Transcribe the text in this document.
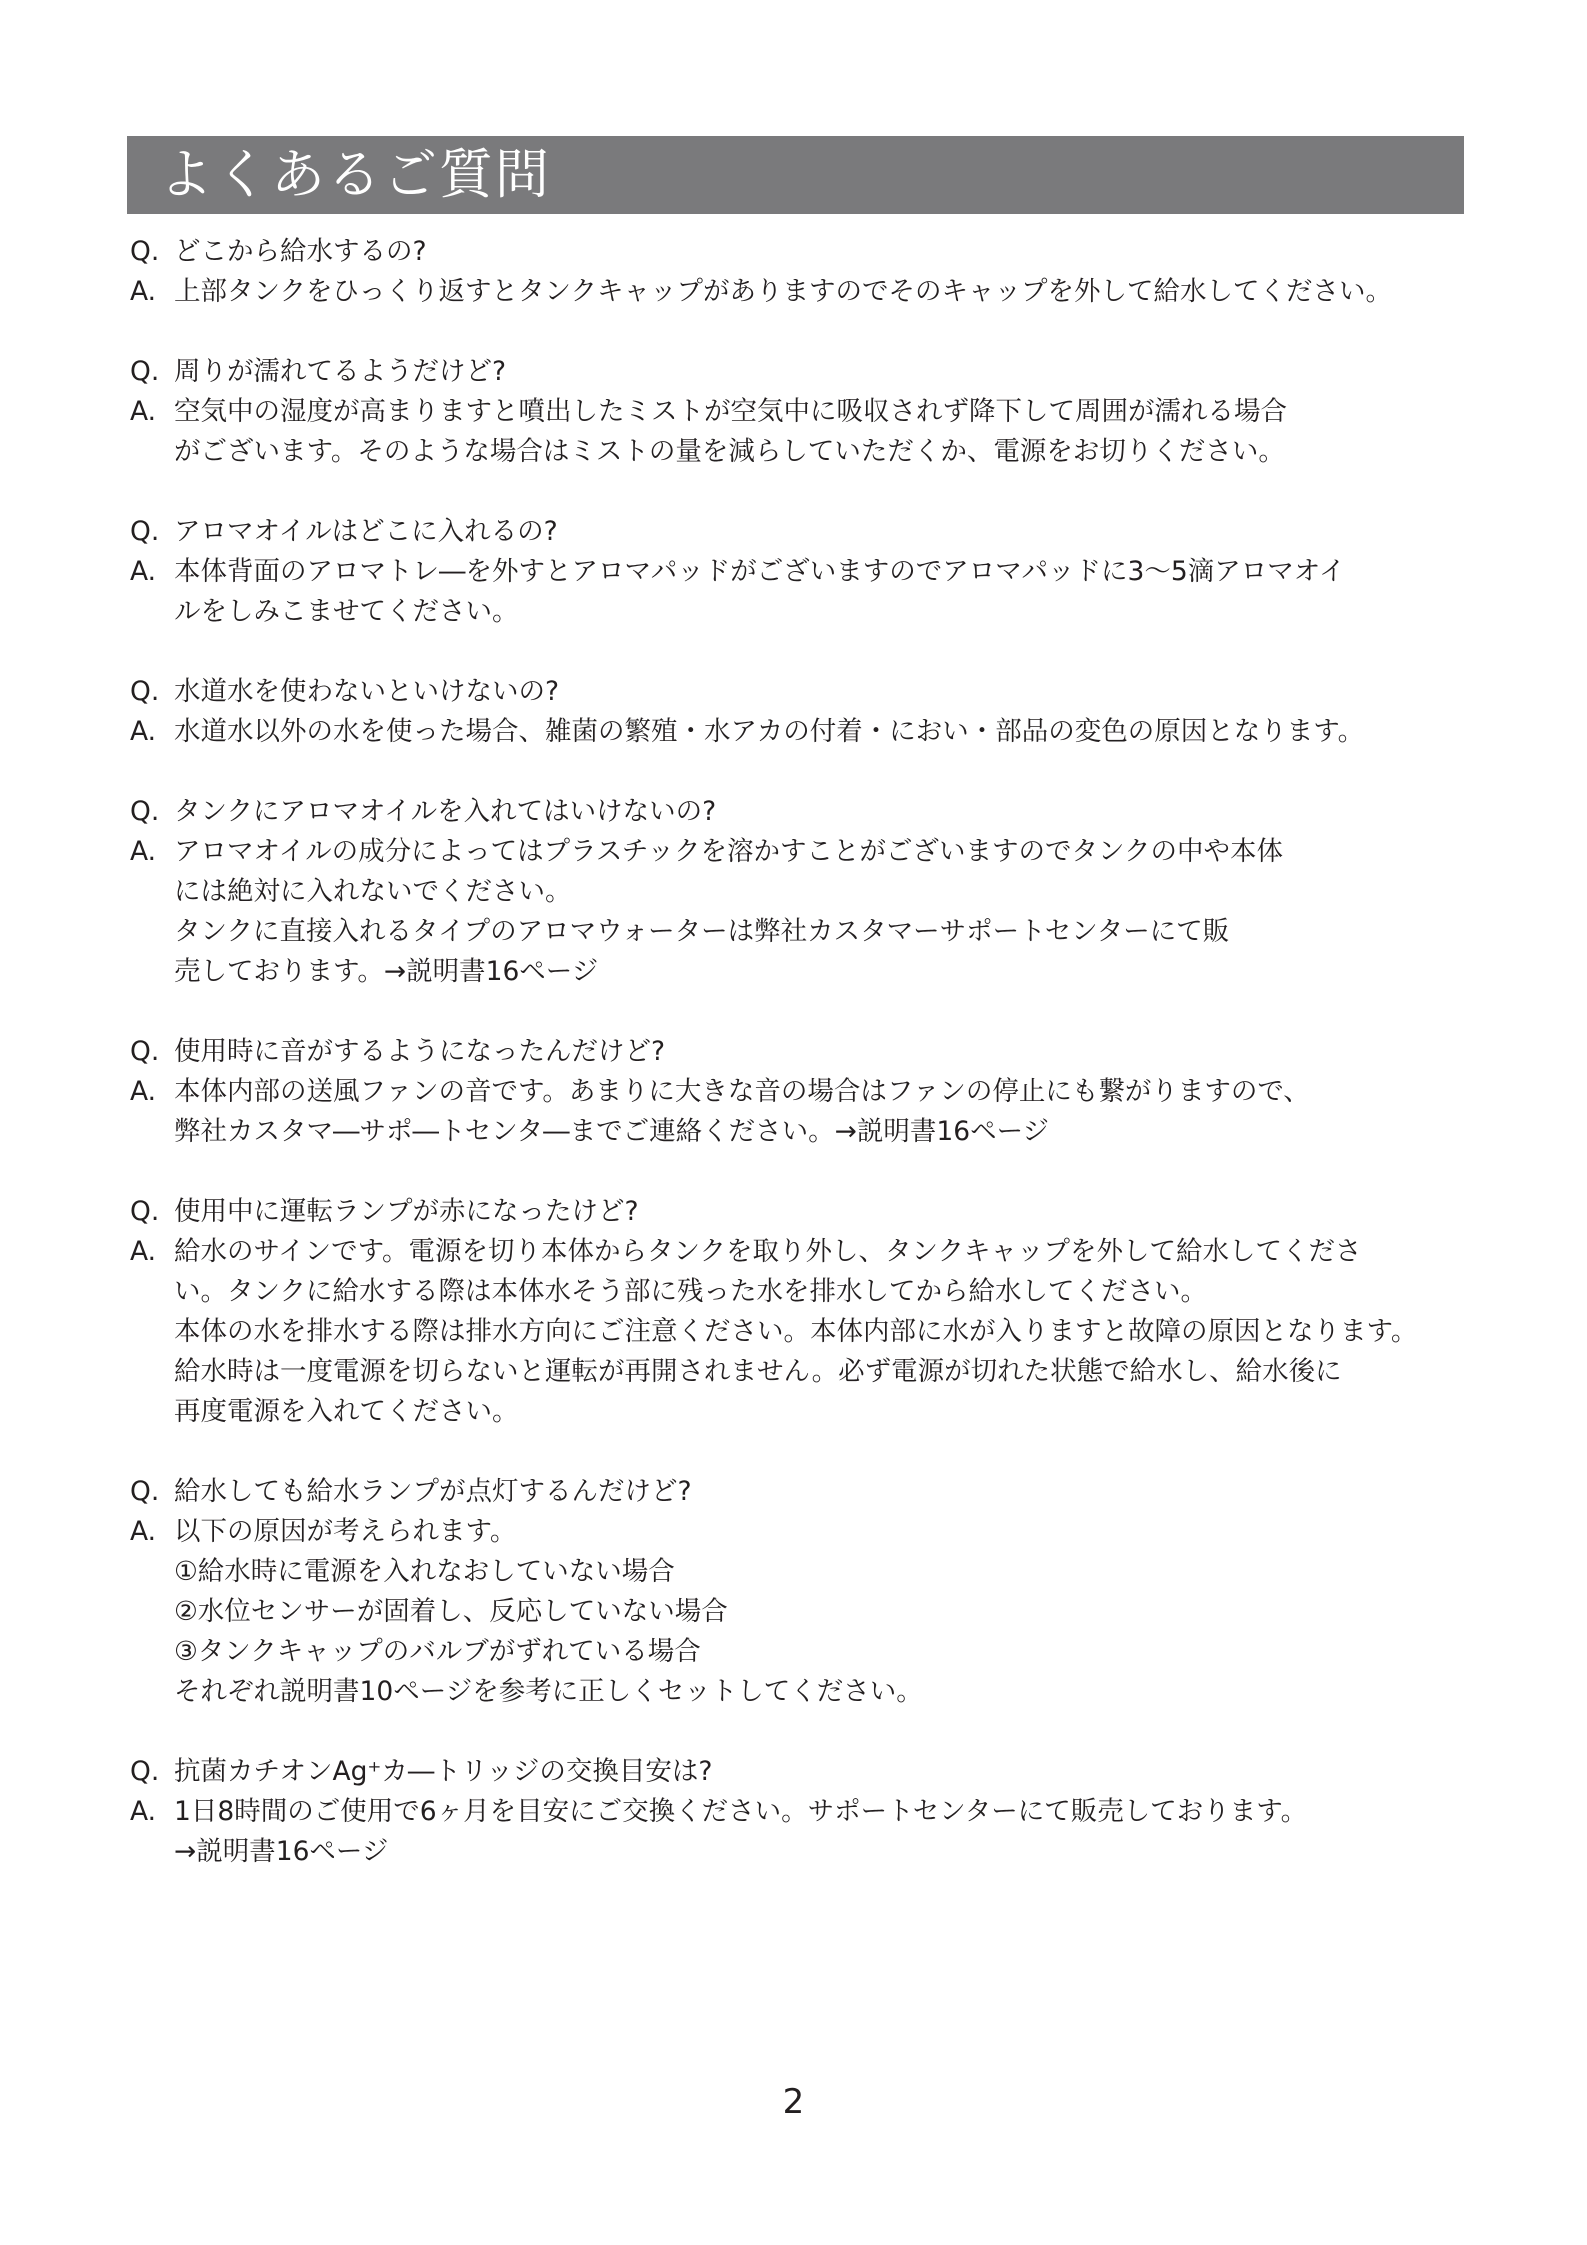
よくあるご質問
Q. どこから給水するの?
A. 上部タンクをひっくり返すとタンクキャップがありますのでそのキャップを外して給水してください。
Q. 周りが濡れてるようだけど?
A. 空気中の湿度が高まりますと噴出したミストが空気中に吸収されず降下して周囲が濡れる場合
がございます。そのような場合はミストの量を減らしていただくか、電源をお切りください。
Q. アロマオイルはどこに入れるの?
A. 本体背面のアロマトレ―を外すとアロマパッドがございますのでアロマパッドに3〜5滴アロマオイ
ルをしみこませてください。
Q. 水道水を使わないといけないの?
A. 水道水以外の水を使った場合、雑菌の繁殖・水アカの付着・におい・部品の変色の原因となります。
Q. タンクにアロマオイルを入れてはいけないの?
A. アロマオイルの成分によってはプラスチックを溶かすことがございますのでタンクの中や本体
には絶対に入れないでください。
タンクに直接入れるタイプのアロマウォーターは弊社カスタマーサポートセンターにて販
売しております。→説明書16ページ
Q. 使用時に音がするようになったんだけど?
A. 本体内部の送風ファンの音です。あまりに大きな音の場合はファンの停止にも繋がりますので、
弊社カスタマ―サポ―トセンタ―までご連絡ください。→説明書16ページ
Q. 使用中に運転ランプが赤になったけど?
A. 給水のサインです。電源を切り本体からタンクを取り外し、タンクキャップを外して給水してくださ
い。タンクに給水する際は本体水そう部に残った水を排水してから給水してください。
本体の水を排水する際は排水方向にご注意ください。本体内部に水が入りますと故障の原因となります。
給水時は一度電源を切らないと運転が再開されません。必ず電源が切れた状態で給水し、給水後に
再度電源を入れてください。
Q. 給水しても給水ランプが点灯するんだけど?
A. 以下の原因が考えられます。
①給水時に電源を入れなおしていない場合
②水位センサーが固着し、反応していない場合
③タンクキャップのバルブがずれている場合
それぞれ説明書10ページを参考に正しくセットしてください。
Q. 抗菌カチオンAg⁺カ―トリッジの交換目安は?
A. 1日8時間のご使用で6ヶ月を目安にご交換ください。サポートセンターにて販売しております。
→説明書16ページ
2
